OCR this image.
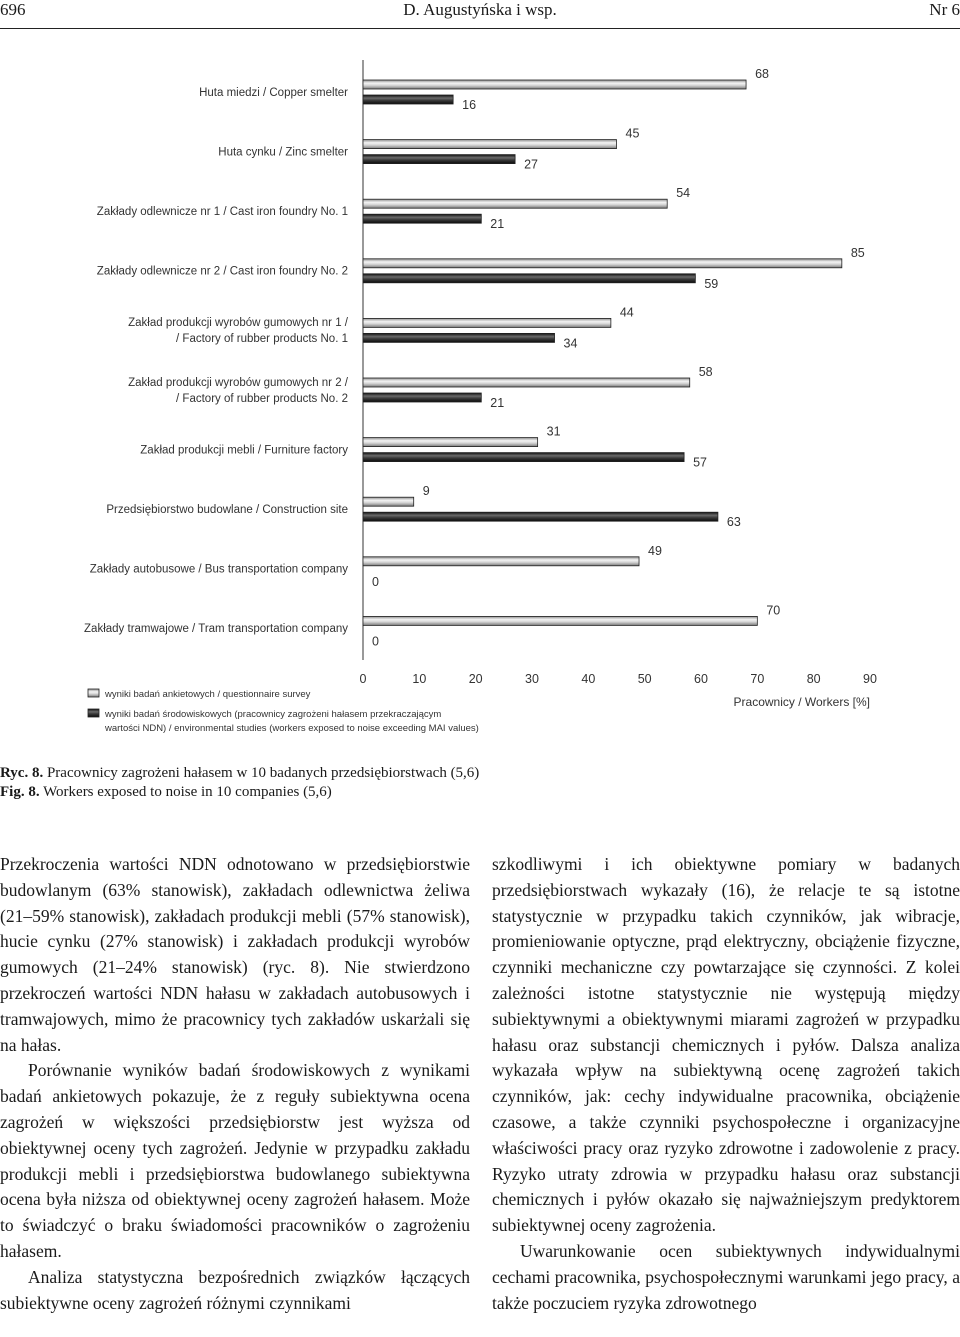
696	D. Augustyńska i wsp.	Nr 6
0	10	20	30	40	50	60	70	80	90
Pracownicy / Workers [%]
Huta miedzi / Copper smelter
68
16
Huta cynku / Zinc smelter
45
27
Zakłady odlewnicze nr 1 / Cast iron foundry No. 1
54
21
Zakłady odlewnicze nr 2 / Cast iron foundry No. 2
85
59
Zakład produkcji wyrobów gumowych nr 1 /
/ Factory of rubber products No. 1
44
34
Zakład produkcji wyrobów gumowych nr 2 /
/ Factory of rubber products No. 2
58
21
Zakład produkcji mebli / Furniture factory
31
57
Przedsiębiorstwo budowlane / Construction site
9
63
Zakłady autobusowe / Bus transportation company
49
0
Zakłady tramwajowe / Tram transportation company
70
0
wyniki badań ankietowych / questionnaire survey
wyniki badań środowiskowych (pracownicy zagrożeni hałasem przekraczającym
wartości NDN) / environmental studies (workers exposed to noise exceeding MAI values)
Ryc. 8. Pracownicy zagrożeni hałasem w 10 badanych przedsiębiorstwach (5,6)
Fig. 8. Workers exposed to noise in 10 companies (5,6)

Przekroczenia wartości NDN odnotowano w przedsiębiorstwie budowlanym (63% stanowisk), zakładach odlewnictwa żeliwa (21–59% stanowisk), zakładach produkcji mebli (57% stanowisk), hucie cynku (27% stanowisk) i zakładach produkcji wyrobów gumowych (21–24% stanowisk) (ryc. 8). Nie stwierdzono przekroczeń wartości NDN hałasu w zakładach autobusowych i tramwajowych, mimo że pracownicy tych zakładów uskarżali się na hałas.

Porównanie wyników badań środowiskowych z wynikami badań ankietowych pokazuje, że z reguły subiektywna ocena zagrożeń w większości przedsiębiorstw jest wyższa od obiektywnej oceny tych zagrożeń. Jedynie w przypadku zakładu produkcji mebli i przedsiębiorstwa budowlanego subiektywna ocena była niższa od obiektywnej oceny zagrożeń hałasem. Może to świadczyć o braku świadomości pracowników o zagrożeniu hałasem.

Analiza statystyczna bezpośrednich związków łączących subiektywne oceny zagrożeń różnymi czynnikami

szkodliwymi i ich obiektywne pomiary w badanych przedsiębiorstwach wykazały (16), że relacje te są istotne statystycznie w przypadku takich czynników, jak wibracje, promieniowanie optyczne, prąd elektryczny, obciążenie fizyczne, czynniki mechaniczne czy powtarzające się czynności. Z kolei zależności istotne statystycznie nie występują między subiektywnymi a obiektywnymi miarami zagrożeń w przypadku hałasu oraz substancji chemicznych i pyłów. Dalsza analiza wykazała wpływ na subiektywną ocenę zagrożeń takich czynników, jak: cechy indywidualne pracownika, obciążenie czasowe, a także czynniki psychospołeczne i organizacyjne właściwości pracy oraz ryzyko zdrowotne i zadowolenie z pracy. Ryzyko utraty zdrowia w przypadku hałasu oraz substancji chemicznych i pyłów okazało się najważniejszym predyktorem subiektywnej oceny zagrożenia.

Uwarunkowanie ocen subiektywnych indywidualnymi cechami pracownika, psychospołecznymi warunkami jego pracy, a także poczuciem ryzyka zdrowotnego
